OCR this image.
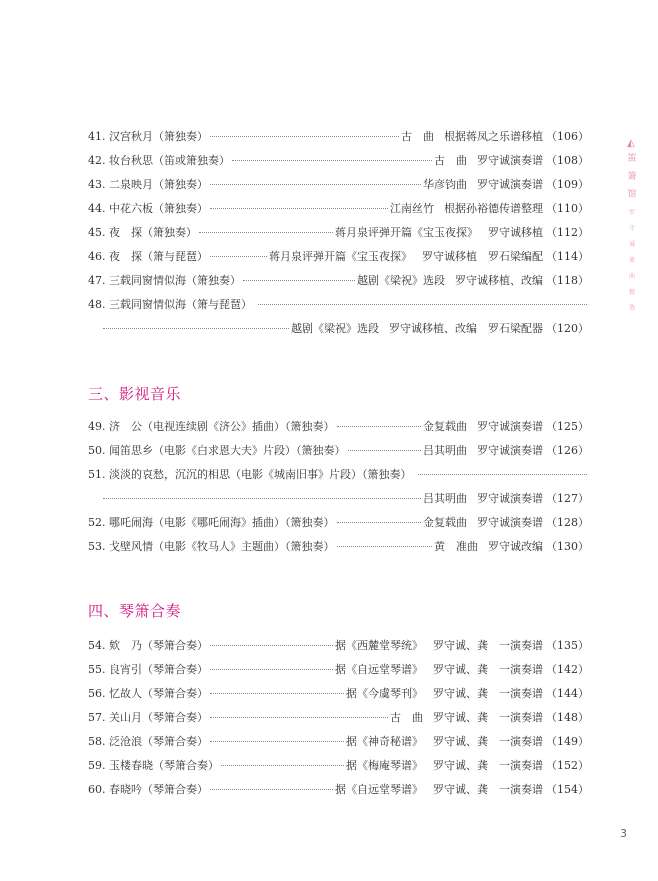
◭
笛 箫 馆
罗 守 诚 箫 曲 精 选
41. 汉宫秋月（箫独奏）	古　曲 根据蒋凤之乐谱移植 （106）
42. 妆台秋思（笛或箫独奏）	古　曲 罗守诚演奏谱 （108）
43. 二泉映月（箫独奏）	华彦钧曲 罗守诚演奏谱 （109）
44. 中花六板（箫独奏）	江南丝竹 根据孙裕德传谱整理 （110）
45. 夜　探（箫独奏）	蒋月泉评弹开篇《宝玉夜探》 罗守诚移植 （112）
46. 夜　探（箫与琵琶）	蒋月泉评弹开篇《宝玉夜探》 罗守诚移植　罗石梁编配 （114）
47. 三载同窗情似海（箫独奏）	越剧《梁祝》选段 罗守诚移植、改编 （118）
48. 三载同窗情似海（箫与琵琶）
越剧《梁祝》选段 罗守诚移植、改编　罗石梁配器 （120）
三、影视音乐
49. 济　公（电视连续剧《济公》插曲）（箫独奏）	金复载曲 罗守诚演奏谱 （125）
50. 闻笛思乡（电影《白求恩大夫》片段）（箫独奏）	吕其明曲 罗守诚演奏谱 （126）
51. 淡淡的哀愁，沉沉的相思（电影《城南旧事》片段）（箫独奏）
吕其明曲 罗守诚演奏谱 （127）
52. 哪吒闹海（电影《哪吒闹海》插曲）（箫独奏）	金复载曲 罗守诚演奏谱 （128）
53. 戈壁风情（电影《牧马人》主题曲）（箫独奏）	黄　准曲 罗守诚改编 （130）
四、琴箫合奏
54. 欸　乃（琴箫合奏）	据《西麓堂琴统》 罗守诚、龚　一演奏谱 （135）
55. 良宵引（琴箫合奏）	据《自远堂琴谱》 罗守诚、龚　一演奏谱 （142）
56. 忆故人（琴箫合奏）	据《今虞琴刊》 罗守诚、龚　一演奏谱 （144）
57. 关山月（琴箫合奏）	古　曲 罗守诚、龚　一演奏谱 （148）
58. 泛沧浪（琴箫合奏）	据《神奇秘谱》 罗守诚、龚　一演奏谱 （149）
59. 玉楼春晓（琴箫合奏）	据《梅庵琴谱》 罗守诚、龚　一演奏谱 （152）
60. 春晓吟（琴箫合奏）	据《自远堂琴谱》 罗守诚、龚　一演奏谱 （154）
3
